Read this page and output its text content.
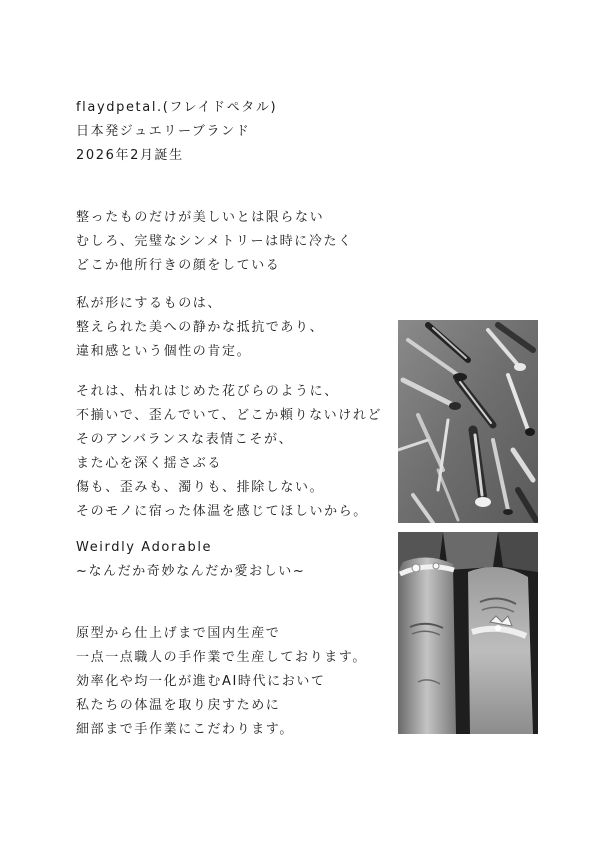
flaydpetal.(フレイドペタル)
日本発ジュエリーブランド
2026年2月誕生
整ったものだけが美しいとは限らない
むしろ、完璧なシンメトリーは時に冷たく
どこか他所行きの顔をしている
私が形にするものは、
整えられた美への静かな抵抗であり、
違和感という個性の肯定。
それは、枯れはじめた花びらのように、
不揃いで、歪んでいて、どこか頼りないけれど
そのアンバランスな表情こそが、
また心を深く揺さぶる
傷も、歪みも、濁りも、排除しない。
そのモノに宿った体温を感じてほしいから。
Weirdly Adorable
~なんだか奇妙なんだか愛おしい~
原型から仕上げまで国内生産で
一点一点職人の手作業で生産しております。
効率化や均一化が進むAI時代において
私たちの体温を取り戻すために
細部まで手作業にこだわります。
